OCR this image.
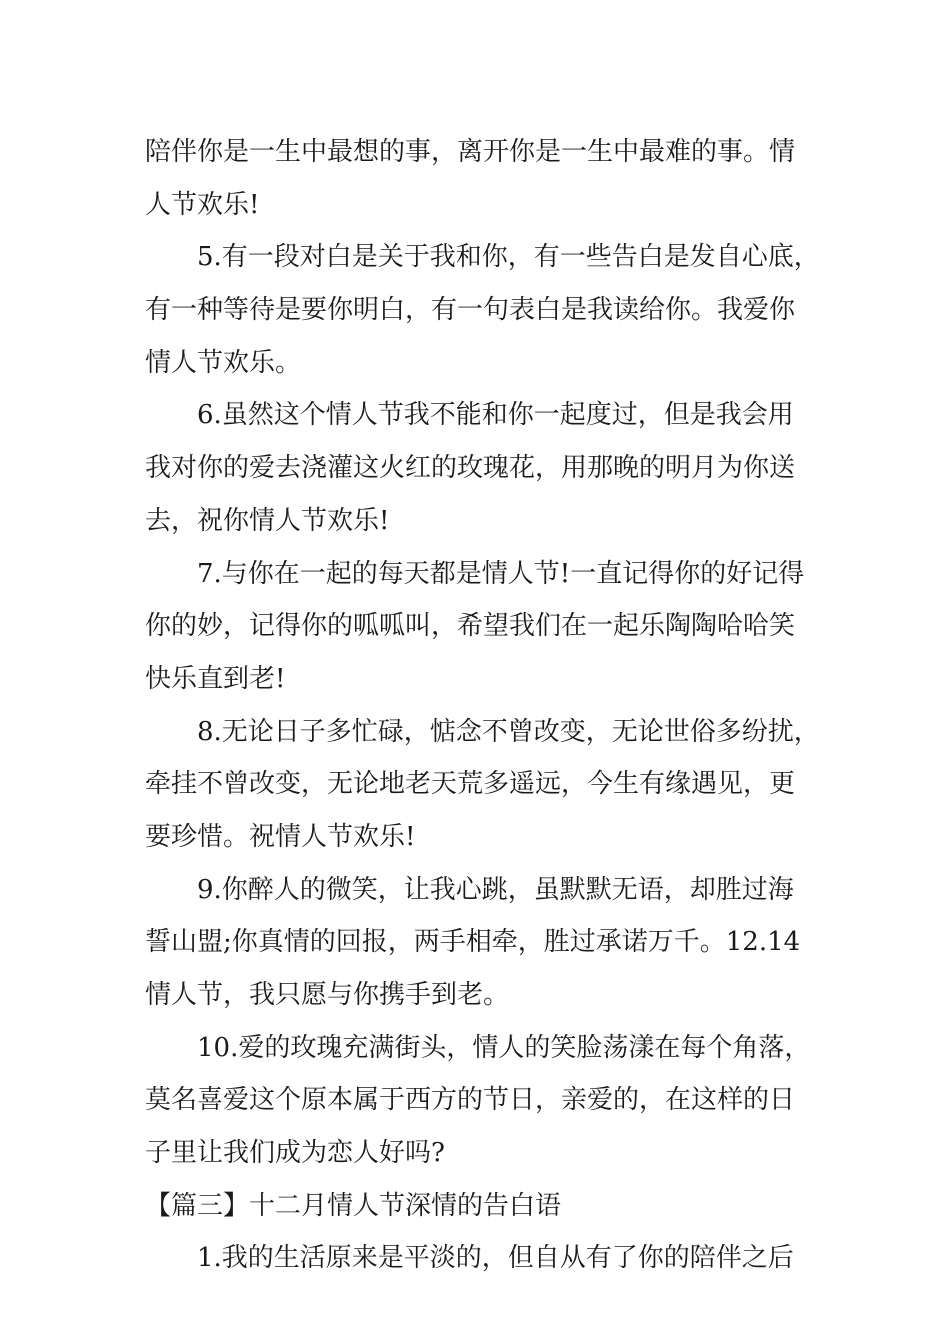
陪伴你是一生中最想的事，离开你是一生中最难的事。情
人节欢乐!
5.有一段对白是关于我和你，有一些告白是发自心底，
有一种等待是要你明白，有一句表白是我读给你。我爱你
情人节欢乐。
6.虽然这个情人节我不能和你一起度过，但是我会用
我对你的爱去浇灌这火红的玫瑰花，用那晚的明月为你送
去，祝你情人节欢乐!
7.与你在一起的每天都是情人节!一直记得你的好记得
你的妙，记得你的呱呱叫，希望我们在一起乐陶陶哈哈笑
快乐直到老!
8.无论日子多忙碌，惦念不曾改变，无论世俗多纷扰，
牵挂不曾改变，无论地老天荒多遥远，今生有缘遇见，更
要珍惜。祝情人节欢乐!
9.你醉人的微笑，让我心跳，虽默默无语，却胜过海
誓山盟;你真情的回报，两手相牵，胜过承诺万千。12.14
情人节，我只愿与你携手到老。
10.爱的玫瑰充满街头，情人的笑脸荡漾在每个角落，
莫名喜爱这个原本属于西方的节日，亲爱的，在这样的日
子里让我们成为恋人好吗?
【篇三】十二月情人节深情的告白语
1.我的生活原来是平淡的，但自从有了你的陪伴之后
